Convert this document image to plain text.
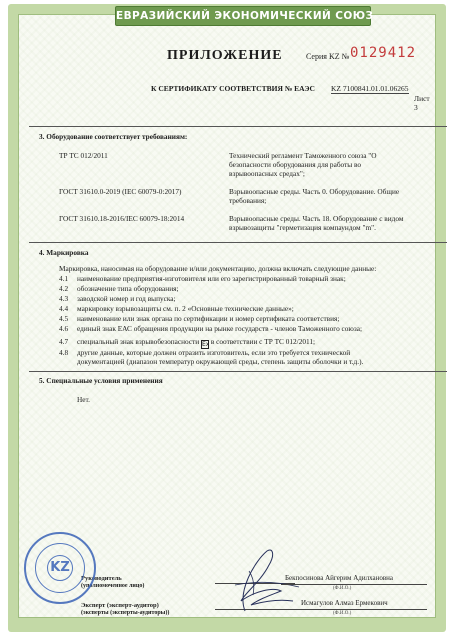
ЕВРАЗИЙСКИЙ ЭКОНОМИЧЕСКИЙ СОЮЗ
ПРИЛОЖЕНИЕ	Серия KZ № 0129412
К СЕРТИФИКАТУ СООТВЕТСТВИЯ № ЕАЭС KZ 7100841.01.01.06265
Лист 3
3. Оборудование соответствует требованиям:
ТР ТС 012/2011	Технический регламент Таможенного союза "О
безопасности оборудования для работы во
взрывоопасных средах";
ГОСТ 31610.0-2019 (IEC 60079-0:2017)	Взрывоопасные среды. Часть 0. Оборудование. Общие
требования;
ГОСТ 31610.18-2016/IEC 60079-18:2014	Взрывоопасные среды. Часть 18. Оборудование с видом
взрывозащиты "герметизация компаундом "m".
4. Маркировка
Маркировка, наносимая на оборудование и/или документацию, должна включать следующие данные:
4.1 наименование предприятия-изготовителя или его зарегистрированный товарный знак;
4.2 обозначение типа оборудования;
4.3 заводской номер и год выпуска;
4.4 маркировку взрывозащиты см. п. 2 «Основные технические данные»;
4.5 наименование или знак органа по сертификации и номер сертификата соответствия;
4.6 единый знак ЕАС обращения продукции на рынке государств - членов Таможенного союза;
4.7 специальный знак взрывобезопасности Ex в соответствии с ТР ТС 012/2011;
4.8 другие данные, которые должен отразить изготовитель, если это требуется технической
документацией (диапазон температур окружающей среды, степень защиты оболочки и т.д.).
5. Специальные условия применения
Нет.
Руководитель
(уполномоченное лицо)
Эксперт (эксперт-аудитор)
(эксперты (эксперты-аудиторы))
Бекпосинова Айгерим Адилхановна
(Ф.И.О.)
Исмагулов Алмаз Ермекович
(Ф.И.О.)
KZ
